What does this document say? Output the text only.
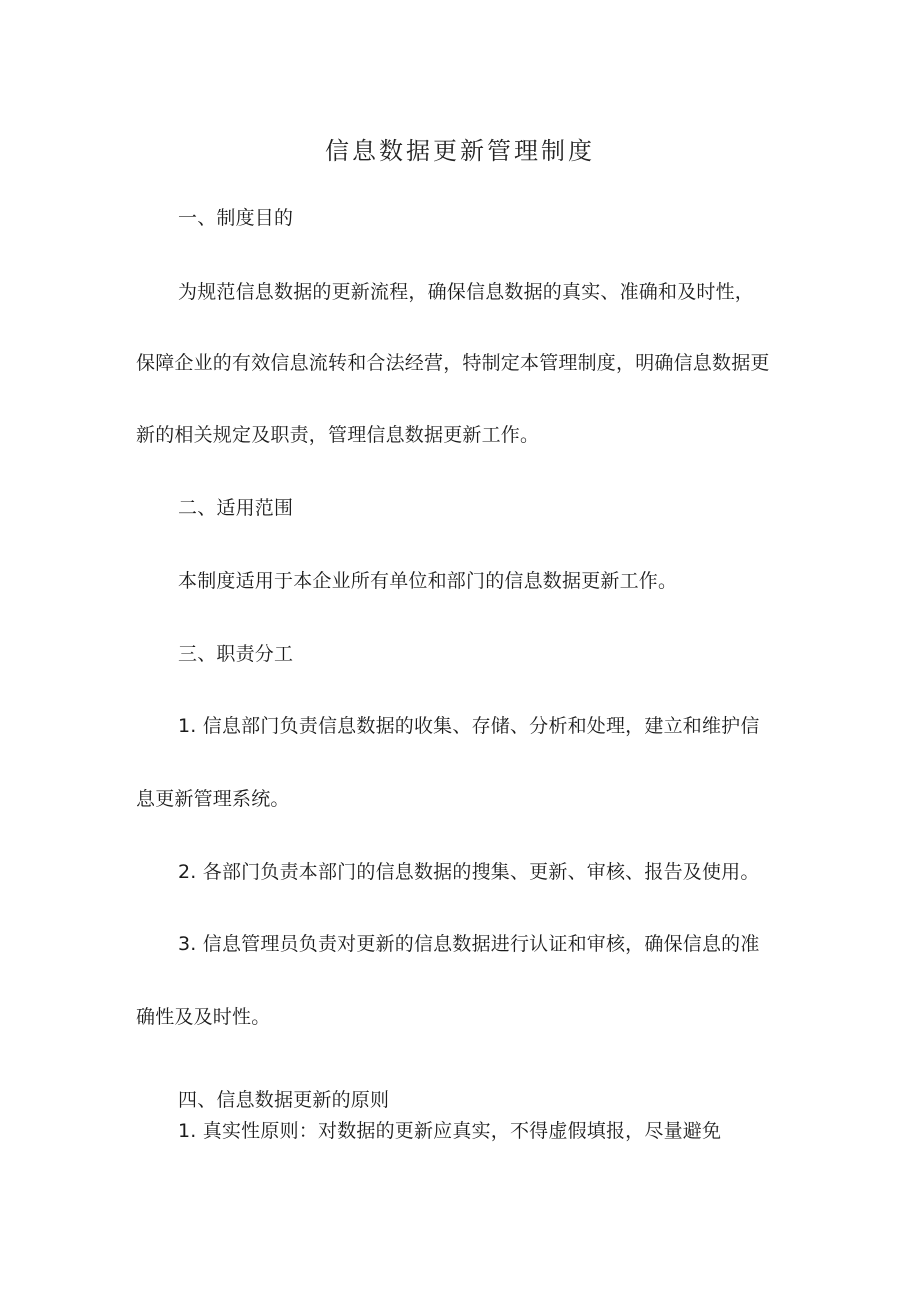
信息数据更新管理制度
一、制度目的
为规范信息数据的更新流程，确保信息数据的真实、准确和及时性，
保障企业的有效信息流转和合法经营，特制定本管理制度，明确信息数据更
新的相关规定及职责，管理信息数据更新工作。
二、适用范围
本制度适用于本企业所有单位和部门的信息数据更新工作。
三、职责分工
1. 信息部门负责信息数据的收集、存储、分析和处理，建立和维护信
息更新管理系统。
2. 各部门负责本部门的信息数据的搜集、更新、审核、报告及使用。
3. 信息管理员负责对更新的信息数据进行认证和审核，确保信息的准
确性及及时性。
四、信息数据更新的原则
1. 真实性原则：对数据的更新应真实，不得虚假填报，尽量避免
